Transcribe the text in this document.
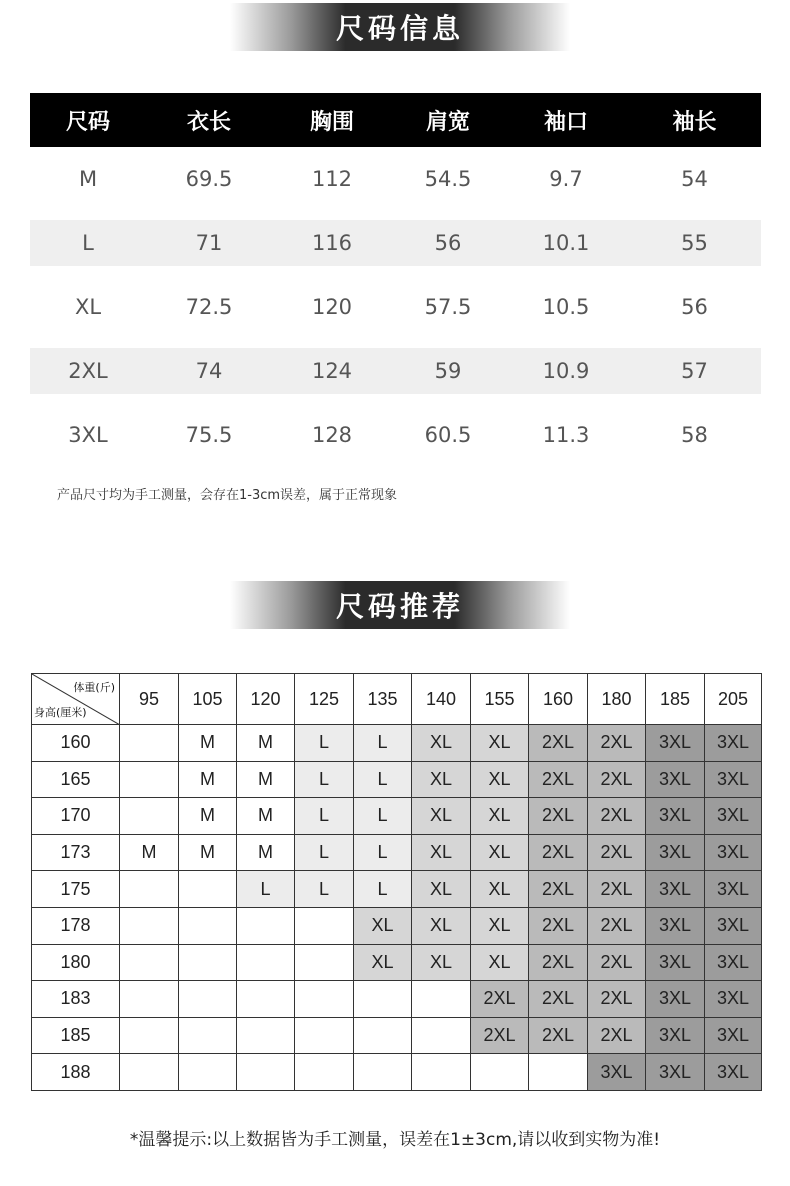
尺码信息
尺码	衣长	胸围	肩宽	袖口	袖长
M	69.5	112	54.5	9.7	54
L	71	116	56	10.1	55
XL	72.5	120	57.5	10.5	56
2XL	74	124	59	10.9	57
3XL	75.5	128	60.5	11.3	58
产品尺寸均为手工测量，会存在1-3cm误差，属于正常现象
尺码推荐
体重(斤)
身高(厘米)	95	105	120	125	135	140	155	160	180	185	205
160		M	M	L	L	XL	XL	2XL	2XL	3XL	3XL
165		M	M	L	L	XL	XL	2XL	2XL	3XL	3XL
170		M	M	L	L	XL	XL	2XL	2XL	3XL	3XL
173	M	M	M	L	L	XL	XL	2XL	2XL	3XL	3XL
175			L	L	L	XL	XL	2XL	2XL	3XL	3XL
178					XL	XL	XL	2XL	2XL	3XL	3XL
180					XL	XL	XL	2XL	2XL	3XL	3XL
183							2XL	2XL	2XL	3XL	3XL
185							2XL	2XL	2XL	3XL	3XL
188									3XL	3XL	3XL
*温馨提示:以上数据皆为手工测量，误差在1±3cm,请以收到实物为准!
